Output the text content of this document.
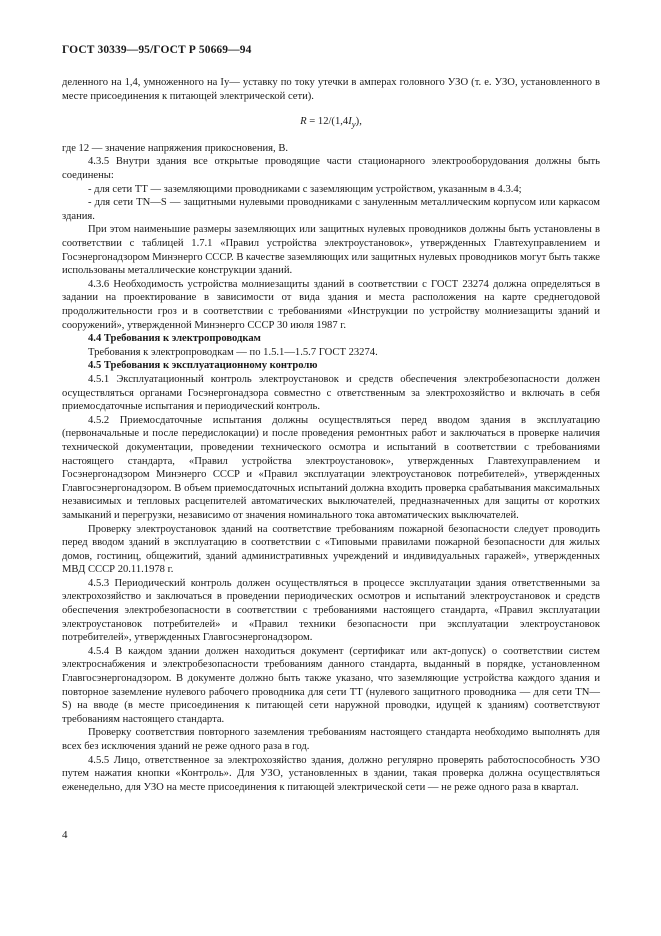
ГОСТ 30339—95/ГОСТ Р 50669—94

деленного на 1,4, умноженного на Iу— уставку по току утечки в амперах головного УЗО (т. е. УЗО, установленного в месте присоединения к питающей электрической сети).

$R = 12/(1,4I_у)$,

где 12 — значение напряжения прикосновения, В.

4.3.5 Внутри здания все открытые проводящие части стационарного электрооборудования должны быть соединены:

- для сети ТТ — заземляющими проводниками с заземляющим устройством, указанным в 4.3.4;

- для сети TN—S — защитными нулевыми проводниками с зануленным металлическим корпусом или каркасом здания.

При этом наименьшие размеры заземляющих или защитных нулевых проводников должны быть установлены в соответствии с таблицей 1.7.1 «Правил устройства электроустановок», утвержденных Главтехуправлением и Госэнергонадзором Минэнерго СССР. В качестве заземляющих или защитных нулевых проводников могут быть также использованы металлические конструкции зданий.

4.3.6 Необходимость устройства молниезащиты зданий в соответствии с ГОСТ 23274 должна определяться в задании на проектирование в зависимости от вида здания и места расположения на карте среднегодовой продолжительности гроз и в соответствии с требованиями «Инструкции по устройству молниезащиты зданий и сооружений», утвержденной Минэнерго СССР 30 июля 1987 г.

4.4 Требования к электропроводкам

Требования к электропроводкам — по 1.5.1—1.5.7 ГОСТ 23274.

4.5 Требования к эксплуатационному контролю

4.5.1 Эксплуатационный контроль электроустановок и средств обеспечения электробезопасности должен осуществляться органами Госэнергонадзора совместно с ответственным за электрохозяйство и включать в себя приемосдаточные испытания и периодический контроль.

4.5.2 Приемосдаточные испытания должны осуществляться перед вводом здания в эксплуатацию (первоначальные и после передислокации) и после проведения ремонтных работ и заключаться в проверке наличия технической документации, проведении технического осмотра и испытаний в соответствии с требованиями настоящего стандарта, «Правил устройства электроустановок», утвержденных Главтехуправлением и Госэнергонадзором Минэнерго СССР и «Правил эксплуатации электроустановок потребителей», утвержденных Главгосэнергонадзором. В объем приемосдаточных испытаний должна входить проверка срабатывания максимальных независимых и тепловых расцепителей автоматических выключателей, предназначенных для защиты от коротких замыканий и перегрузки, независимо от значения номинального тока автоматических выключателей.

Проверку электроустановок зданий на соответствие требованиям пожарной безопасности следует проводить перед вводом зданий в эксплуатацию в соответствии с «Типовыми правилами пожарной безопасности для жилых домов, гостиниц, общежитий, зданий административных учреждений и индивидуальных гаражей», утвержденных МВД СССР 20.11.1978 г.

4.5.3 Периодический контроль должен осуществляться в процессе эксплуатации здания ответственными за электрохозяйство и заключаться в проведении периодических осмотров и испытаний электроустановок и средств обеспечения электробезопасности в соответствии с требованиями настоящего стандарта, «Правил эксплуатации электроустановок потребителей» и «Правил техники безопасности при эксплуатации электроустановок потребителей», утвержденных Главгосэнергонадзором.

4.5.4 В каждом здании должен находиться документ (сертификат или акт-допуск) о соответствии систем электроснабжения и электробезопасности требованиям данного стандарта, выданный в порядке, установленном Главгосэнергонадзором. В документе должно быть также указано, что заземляющие устройства каждого здания и повторное заземление нулевого рабочего проводника для сети ТТ (нулевого защитного проводника — для сети TN—S) на вводе (в месте присоединения к питающей сети наружной проводки, идущей к зданиям) соответствуют требованиям настоящего стандарта.

Проверку соответствия повторного заземления требованиям настоящего стандарта необходимо выполнять для всех без исключения зданий не реже одного раза в год.

4.5.5 Лицо, ответственное за электрохозяйство здания, должно регулярно проверять работоспособность УЗО путем нажатия кнопки «Контроль». Для УЗО, установленных в здании, такая проверка должна осуществляться еженедельно, для УЗО на месте присоединения к питающей электрической сети — не реже одного раза в квартал.

4
